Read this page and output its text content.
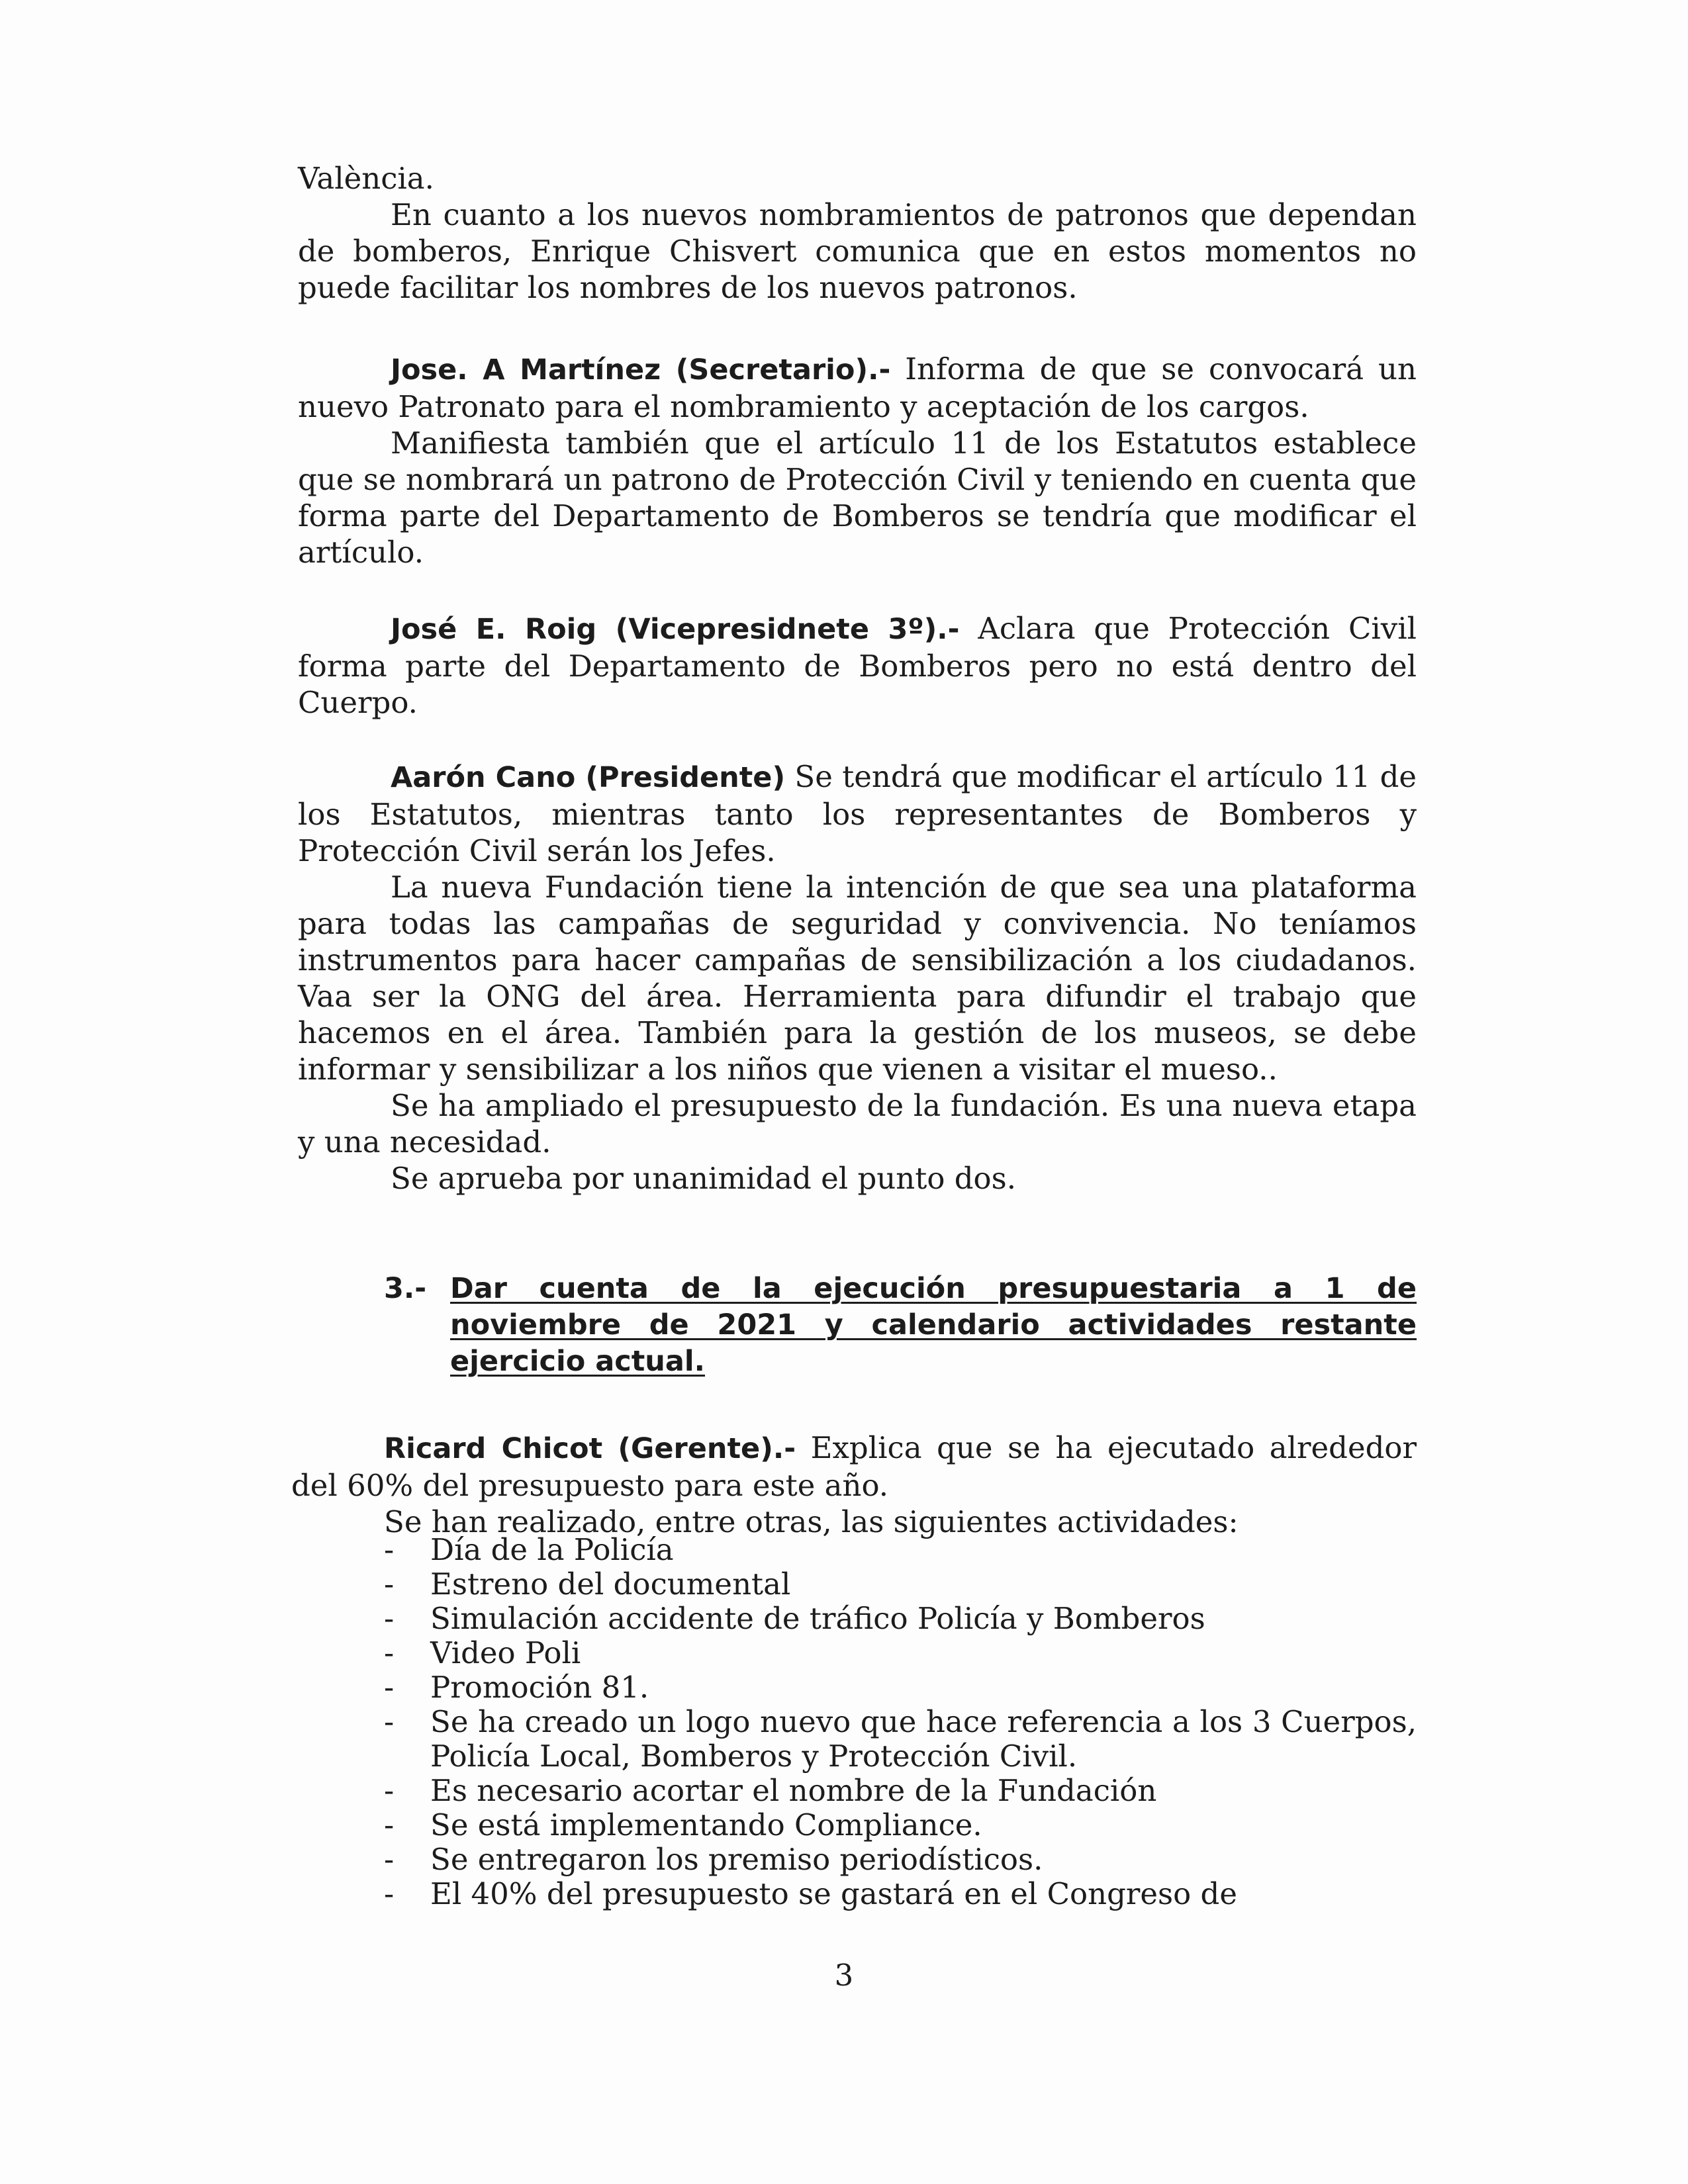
València.

En cuanto a los nuevos nombramientos de patronos que dependan de bomberos, Enrique Chisvert comunica que en estos momentos no puede facilitar los nombres de los nuevos patronos.

Jose. A Martínez (Secretario).- Informa de que se convocará un nuevo Patronato para el nombramiento y aceptación de los cargos.

Manifiesta también que el artículo 11 de los Estatutos establece que se nombrará un patrono de Protección Civil y teniendo en cuenta que forma parte del Departamento de Bomberos se tendría que modificar el artículo.

José E. Roig (Vicepresidnete 3º).- Aclara que Protección Civil forma parte del Departamento de Bomberos pero no está dentro del Cuerpo.

Aarón Cano (Presidente) Se tendrá que modificar el artículo 11 de los Estatutos, mientras tanto los representantes de Bomberos y Protección Civil serán los Jefes.

La nueva Fundación tiene la intención de que sea una plataforma para todas las campañas de seguridad y convivencia. No teníamos instrumentos para hacer campañas de sensibilización a los ciudadanos. Vaa ser la ONG del área. Herramienta para difundir el trabajo que hacemos en el área. También para la gestión de los museos, se debe informar y sensibilizar a los niños que vienen a visitar el mueso..

Se ha ampliado el presupuesto de la fundación. Es una nueva etapa y una necesidad.

Se aprueba por unanimidad el punto dos.

3.- Dar cuenta de la ejecución presupuestaria a 1 de noviembre de 2021 y calendario actividades restante ejercicio actual.

Ricard Chicot (Gerente).- Explica que se ha ejecutado alrededor del 60% del presupuesto para este año.

Se han realizado, entre otras, las siguientes actividades:

- Día de la Policía
- Estreno del documental
- Simulación accidente de tráfico Policía y Bomberos
- Video Poli
- Promoción 81.
- Se ha creado un logo nuevo que hace referencia a los 3 Cuerpos, Policía Local, Bomberos y Protección Civil.
- Es necesario acortar el nombre de la Fundación
- Se está implementando Compliance.
- Se entregaron los premiso periodísticos.
- El 40% del presupuesto se gastará en el Congreso de
3
